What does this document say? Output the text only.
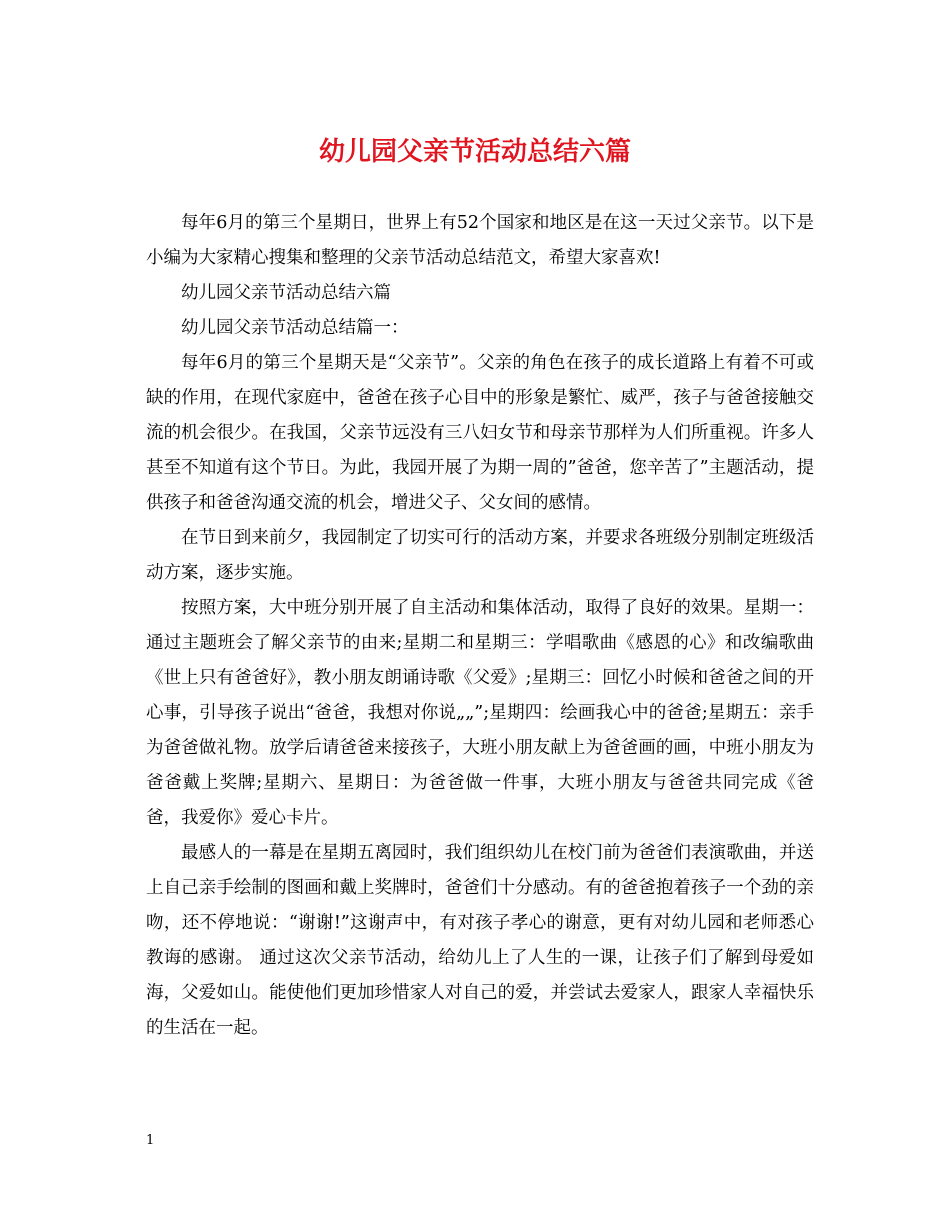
幼儿园父亲节活动总结六篇

每年6月的第三个星期日，世界上有52个国家和地区是在这一天过父亲节。以下是小编为大家精心搜集和整理的父亲节活动总结范文，希望大家喜欢!

幼儿园父亲节活动总结六篇

幼儿园父亲节活动总结篇一：

每年6月的第三个星期天是“父亲节”。父亲的角色在孩子的成长道路上有着不可或缺的作用，在现代家庭中，爸爸在孩子心目中的形象是繁忙、威严，孩子与爸爸接触交流的机会很少。在我国，父亲节远没有三八妇女节和母亲节那样为人们所重视。许多人甚至不知道有这个节日。为此，我园开展了为期一周的”爸爸，您辛苦了”主题活动，提供孩子和爸爸沟通交流的机会，增进父子、父女间的感情。

在节日到来前夕，我园制定了切实可行的活动方案，并要求各班级分别制定班级活动方案，逐步实施。

按照方案，大中班分别开展了自主活动和集体活动，取得了良好的效果。星期一：通过主题班会了解父亲节的由来;星期二和星期三：学唱歌曲《感恩的心》和改编歌曲《世上只有爸爸好》，教小朋友朗诵诗歌《父爱》;星期三：回忆小时候和爸爸之间的开心事，引导孩子说出“爸爸，我想对你说„„”;星期四：绘画我心中的爸爸;星期五：亲手为爸爸做礼物。放学后请爸爸来接孩子，大班小朋友献上为爸爸画的画，中班小朋友为爸爸戴上奖牌;星期六、星期日：为爸爸做一件事，大班小朋友与爸爸共同完成《爸爸，我爱你》爱心卡片。

最感人的一幕是在星期五离园时，我们组织幼儿在校门前为爸爸们表演歌曲，并送上自己亲手绘制的图画和戴上奖牌时，爸爸们十分感动。有的爸爸抱着孩子一个劲的亲吻，还不停地说：“谢谢!”这谢声中，有对孩子孝心的谢意，更有对幼儿园和老师悉心教诲的感谢。 通过这次父亲节活动，给幼儿上了人生的一课，让孩子们了解到母爱如海，父爱如山。能使他们更加珍惜家人对自己的爱，并尝试去爱家人，跟家人幸福快乐的生活在一起。

1
